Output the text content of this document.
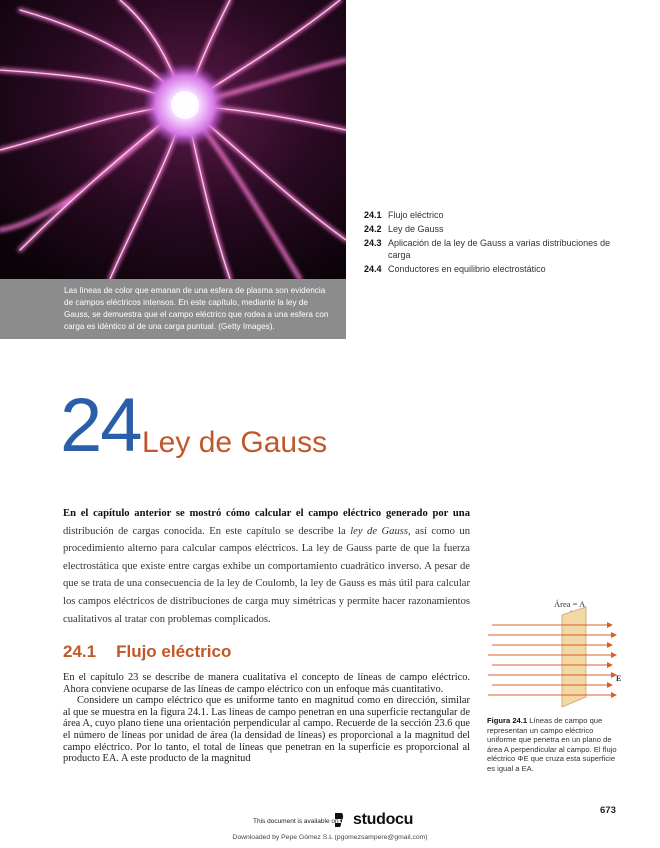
Las líneas de color que emanan de una esfera de plasma son evidencia de campos eléctricos intensos. En este capítulo, mediante la ley de Gauss, se demuestra que el campo eléctrico que rodea a una esfera con carga es idéntico al de una carga puntual. (Getty Images).
24.1 Flujo eléctrico
24.2 Ley de Gauss
24.3 Aplicación de la ley de Gauss a varias distribuciones de carga
24.4 Conductores en equilibrio electrostático
24 Ley de Gauss
En el capítulo anterior se mostró cómo calcular el campo eléctrico generado por una distribución de cargas conocida. En este capítulo se describe la ley de Gauss, así como un procedimiento alterno para calcular campos eléctricos. La ley de Gauss parte de que la fuerza electrostática que existe entre cargas exhibe un comportamiento cuadrático inverso. A pesar de que se trata de una consecuencia de la ley de Coulomb, la ley de Gauss es más útil para calcular los campos eléctricos de distribuciones de carga muy simétricas y permite hacer razonamientos cualitativos al tratar con problemas complicados.
24.1 Flujo eléctrico

En el capítulo 23 se describe de manera cualitativa el concepto de líneas de campo eléctrico. Ahora conviene ocuparse de las líneas de campo eléctrico con un enfoque más cuantitativo.

Considere un campo eléctrico que es uniforme tanto en magnitud como en dirección, similar al que se muestra en la figura 24.1. Las líneas de campo penetran en una superficie rectangular de área A, cuyo plano tiene una orientación perpendicular al campo. Recuerde de la sección 23.6 que el número de líneas por unidad de área (la densidad de líneas) es proporcional a la magnitud del campo eléctrico. Por lo tanto, el total de líneas que penetran en la superficie es proporcional al producto EA. A este producto de la magnitud

Área = A
E
Figura 24.1 Líneas de campo que representan un campo eléctrico uniforme que penetra en un plano de área A perpendicular al campo. El flujo eléctrico ΦE que cruza esta superficie es igual a EA.
673
This document is available on studocu
Downloaded by Pepe Gómez S.L (pgomezsampere@gmail.com)
